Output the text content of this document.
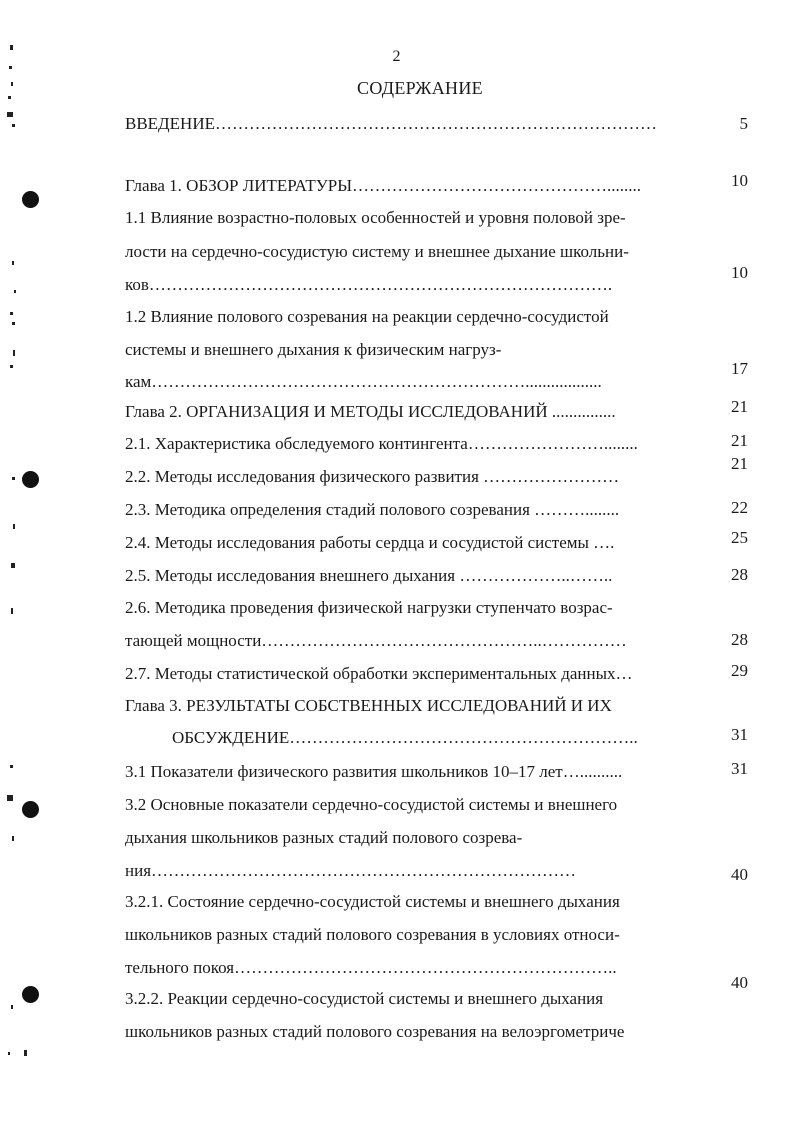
2
СОДЕРЖАНИЕ
ВВЕДЕНИЕ……………………………………………………………………
Глава 1. ОБЗОР ЛИТЕРАТУРЫ………………………………………........
1.1 Влияние возрастно-половых особенностей и уровня половой зре-
лости на сердечно-сосудистую систему и внешнее дыхание школьни-
ков……………………………………………………………………….
1.2 Влияние полового созревания на реакции сердечно-сосудистой
системы и внешнего дыхания к физическим нагруз-
кам…………………………………………………………..................
Глава 2. ОРГАНИЗАЦИЯ И МЕТОДЫ ИССЛЕДОВАНИЙ ...............
2.1. Характеристика обследуемого контингента……………………........
2.2. Методы исследования физического развития ……………………
2.3. Методика определения стадий полового созревания ………........
2.4. Методы исследования работы сердца и сосудистой системы ….
2.5. Методы исследования внешнего дыхания ………………..……..
2.6. Методика проведения физической нагрузки ступенчато возрас-
тающей мощности…………………………………………..……………
2.7. Методы статистической обработки экспериментальных данных…
Глава 3. РЕЗУЛЬТАТЫ СОБСТВЕННЫХ ИССЛЕДОВАНИЙ И ИХ
ОБСУЖДЕНИЕ……………………………………………………..
3.1 Показатели физического развития школьников 10–17 лет…..........
3.2 Основные показатели сердечно-сосудистой системы и внешнего
дыхания школьников разных стадий полового созрева-
ния…………………………………………………………………
3.2.1. Состояние сердечно-сосудистой системы и внешнего дыхания
школьников разных стадий полового созревания в условиях относи-
тельного покоя…………………………………………………………..
3.2.2. Реакции сердечно-сосудистой системы и внешнего дыхания
школьников разных стадий полового созревания на велоэргометриче
5
10
10
17
21
21
21
22
25
28
28
29
31
31
40
40
